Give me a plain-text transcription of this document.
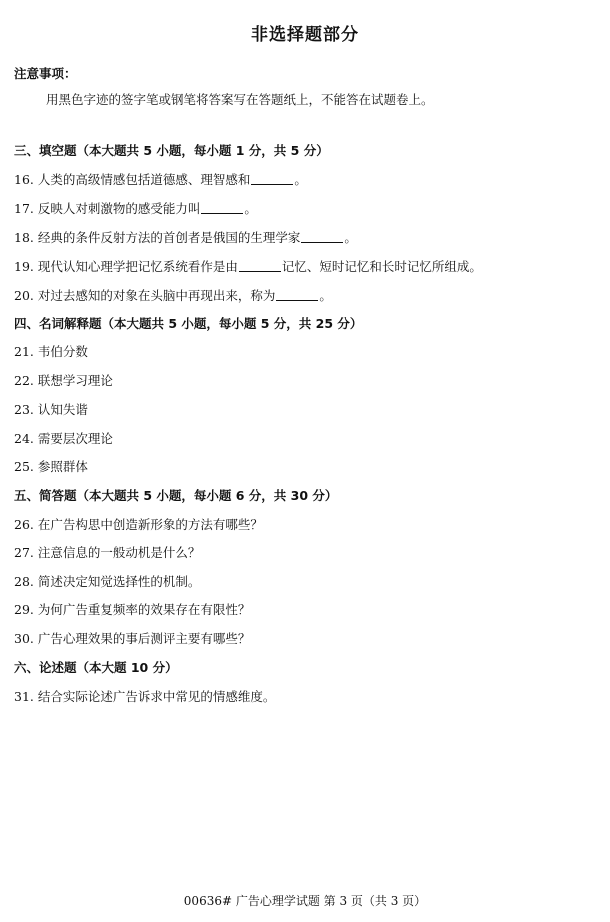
非选择题部分
注意事项：
用黑色字迹的签字笔或钢笔将答案写在答题纸上，不能答在试题卷上。
三、填空题（本大题共 5 小题，每小题 1 分，共 5 分）
16. 人类的高级情感包括道德感、理智感和	。
17. 反映人对刺激物的感受能力叫	。
18. 经典的条件反射方法的首创者是俄国的生理学家	。
19. 现代认知心理学把记忆系统看作是由	记忆、短时记忆和长时记忆所组成。
20. 对过去感知的对象在头脑中再现出来，称为	。
四、名词解释题（本大题共 5 小题，每小题 5 分，共 25 分）
21. 韦伯分数
22. 联想学习理论
23. 认知失谐
24. 需要层次理论
25. 参照群体
五、简答题（本大题共 5 小题，每小题 6 分，共 30 分）
26. 在广告构思中创造新形象的方法有哪些？
27. 注意信息的一般动机是什么？
28. 简述决定知觉选择性的机制。
29. 为何广告重复频率的效果存在有限性？
30. 广告心理效果的事后测评主要有哪些？
六、论述题（本大题 10 分）
31. 结合实际论述广告诉求中常见的情感维度。
00636# 广告心理学试题 第 3 页（共 3 页）
